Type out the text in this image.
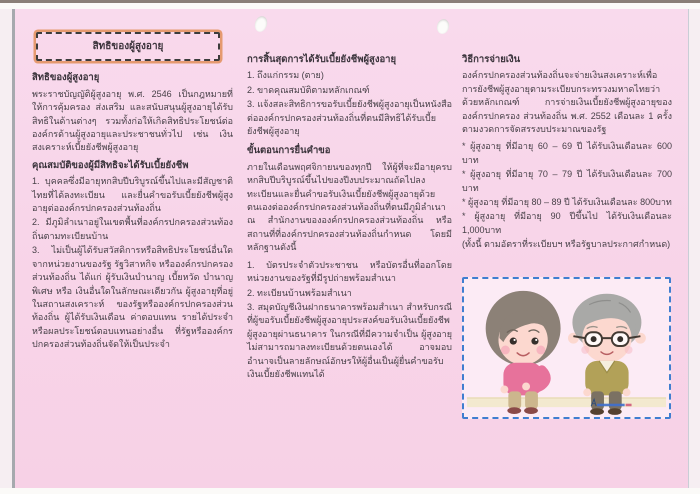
สิทธิของผู้สูงอายุ
สิทธิของผู้สูงอายุ

พระราชบัญญัติผู้สูงอายุ พ.ศ. 2546 เป็นกฎหมายที่ให้การคุ้มครอง ส่งเสริม และสนับสนุนผู้สูงอายุได้รับสิทธิในด้านต่างๆ รวมทั้งก่อให้เกิดสิทธิประโยชน์ต่อองค์กรด้านผู้สูงอายุและประชาชนทั่วไป เช่น เงินสงเคราะห์เบี้ยยังชีพผู้สูงอายุ

คุณสมบัติของผู้มีสิทธิจะได้รับเบี้ยยังชีพ

1. บุคคลซึ่งมีอายุหกสิบปีบริบูรณ์ขึ้นไปและมีสัญชาติไทยที่ได้ลงทะเบียน และยื่นคำขอรับเบี้ยยังชีพผู้สูงอายุต่อองค์กรปกครองส่วนท้องถิ่น

2. มีภูมิลำเนาอยู่ในเขตพื้นที่องค์กรปกครองส่วนท้องถิ่นตามทะเบียนบ้าน

3. ไม่เป็นผู้ได้รับสวัสดิการหรือสิทธิประโยชน์อื่นใดจากหน่วยงานของรัฐ รัฐวิสาหกิจ หรือองค์กรปกครองส่วนท้องถิ่น ได้แก่ ผู้รับเงินบำนาญ เบี้ยหวัด บำนาญพิเศษ หรือ เงินอื่นใดในลักษณะเดียวกัน ผู้สูงอายุที่อยู่ในสถานสงเคราะห์ ของรัฐหรือองค์กรปกครองส่วนท้องถิ่น ผู้ได้รับเงินเดือน ค่าตอบแทน รายได้ประจำ หรือผลประโยชน์ตอบแทนอย่างอื่น ที่รัฐหรือองค์กรปกครองส่วนท้องถิ่นจัดให้เป็นประจำ

การสิ้นสุดการได้รับเบี้ยยังชีพผู้สูงอายุ

1. ถึงแก่กรรม (ตาย)

2. ขาดคุณสมบัติตามหลักเกณฑ์

3. แจ้งสละสิทธิการขอรับเบี้ยยังชีพผู้สูงอายุเป็นหนังสือต่อองค์กรปกครองส่วนท้องถิ่นที่ตนมีสิทธิได้รับเบี้ยยังชีพผู้สูงอายุ

ขั้นตอนการยื่นคำขอ

ภายในเดือนพฤศจิกายนของทุกปี ให้ผู้ที่จะมีอายุครบหกสิบปีบริบูรณ์ขึ้นไปของปีงบประมาณถัดไปลงทะเบียนและยื่นคำขอรับเงินเบี้ยยังชีพผู้สูงอายุด้วยตนเองต่อองค์กรปกครองส่วนท้องถิ่นที่ตนมีภูมิลำเนา ณ สำนักงานขององค์กรปกครองส่วนท้องถิ่น หรือสถานที่ที่องค์กรปกครองส่วนท้องถิ่นกำหนด โดยมีหลักฐานดังนี้

1. บัตรประจำตัวประชาชน หรือบัตรอื่นที่ออกโดยหน่วยงานของรัฐที่มีรูปถ่ายพร้อมสำเนา

2. ทะเบียนบ้านพร้อมสำเนา

3. สมุดบัญชีเงินฝากธนาคารพร้อมสำเนา สำหรับกรณีที่ผู้ขอรับเบี้ยยังชีพผู้สูงอายุประสงค์ขอรับเงินเบี้ยยังชีพผู้สูงอายุผ่านธนาคาร ในกรณีที่มีความจำเป็น ผู้สูงอายุไม่สามารถมาลงทะเบียนด้วยตนเองได้ อาจมอบอำนาจเป็นลายลักษณ์อักษรให้ผู้อื่นเป็นผู้ยื่นคำขอรับเงินเบี้ยยังชีพแทนได้

วิธีการจ่ายเงิน

องค์กรปกครองส่วนท้องถิ่นจะจ่ายเงินสงเคราะห์เพื่อการยังชีพผู้สูงอายุตามระเบียบกระทรวงมหาดไทยว่าด้วยหลักเกณฑ์ การจ่ายเงินเบี้ยยังชีพผู้สูงอายุขององค์กรปกครอง ส่วนท้องถิ่น พ.ศ. 2552 เดือนละ 1 ครั้ง ตามงวดการจัดสรรงบประมาณของรัฐ

* ผู้สูงอายุ ที่มีอายุ 60 – 69 ปี ได้รับเงินเดือนละ 600 บาท

* ผู้สูงอายุ ที่มีอายุ 70 – 79 ปี ได้รับเงินเดือนละ 700 บาท

* ผู้สูงอายุ ที่มีอายุ 80 – 89 ปี ได้รับเงินเดือนละ 800บาท

* ผู้สูงอายุ ที่มีอายุ 90 ปีขึ้นไป ได้รับเงินเดือนละ 1,000บาท

(ทั้งนี้ ตามอัตราที่ระเบียบฯ หรือรัฐบาลประกาศกำหนด)
